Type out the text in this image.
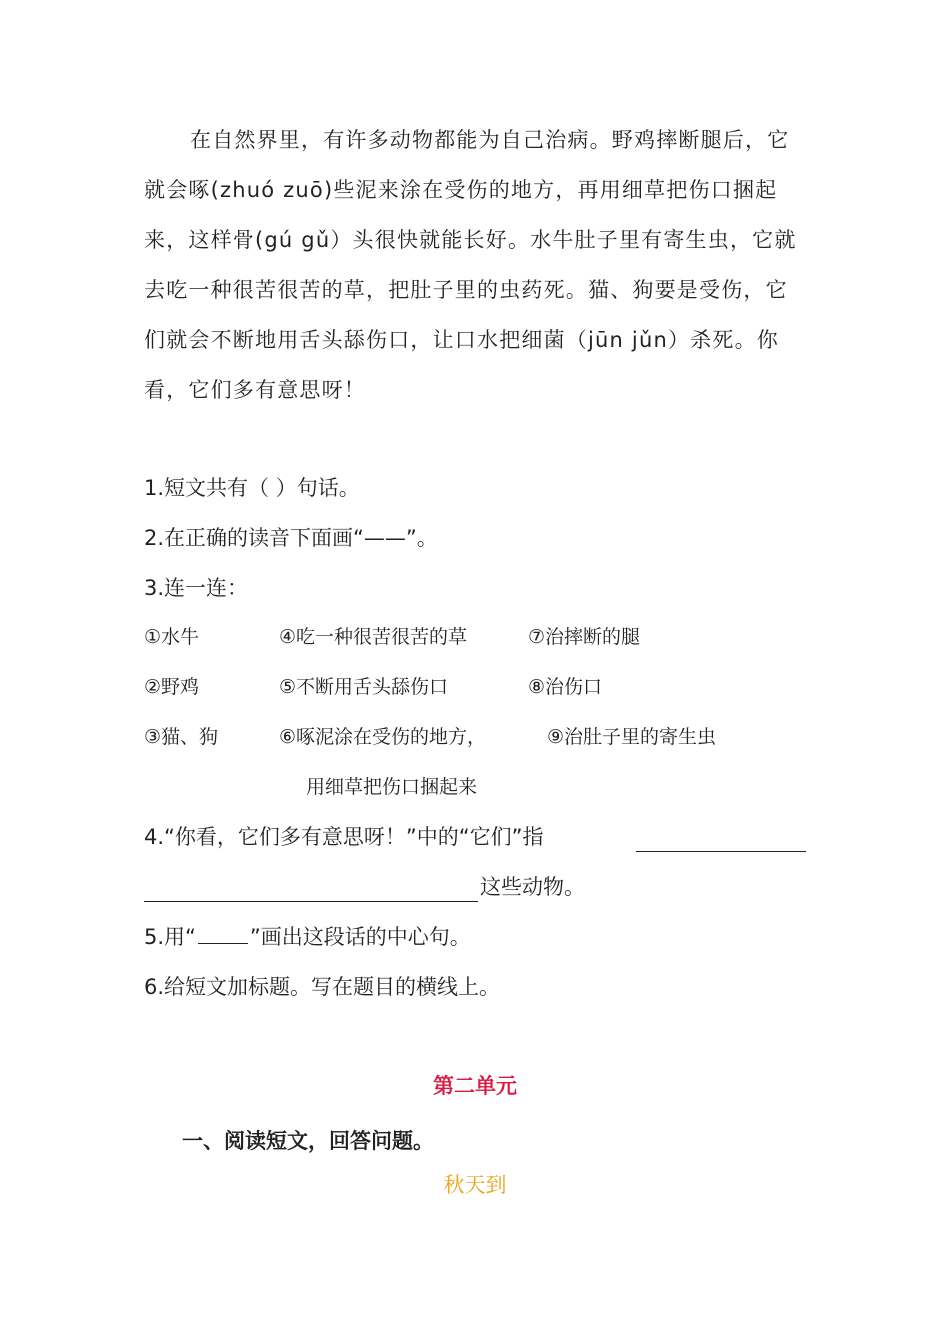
在自然界里，有许多动物都能为自己治病。野鸡摔断腿后，它就会啄(zhuó zuō)些泥来涂在受伤的地方，再用细草把伤口捆起来，这样骨(gú gǔ）头很快就能长好。水牛肚子里有寄生虫，它就去吃一种很苦很苦的草，把肚子里的虫药死。猫、狗要是受伤，它们就会不断地用舌头舔伤口，让口水把细菌（jūn jǔn）杀死。你看，它们多有意思呀！
1.短文共有（ ）句话。
2.在正确的读音下面画“——”。
3.连一连：
①水牛
②野鸡
③猫、狗
④吃一种很苦很苦的草
⑤不断用舌头舔伤口
⑥啄泥涂在受伤的地方，
用细草把伤口捆起来
⑦治摔断的腿
⑧治伤口
⑨治肚子里的寄生虫
4.“你看，它们多有意思呀！”中的“它们”指
这些动物。
5.用“	”画出这段话的中心句。
6.给短文加标题。写在题目的横线上。
第二单元
一、阅读短文，回答问题。
秋天到
